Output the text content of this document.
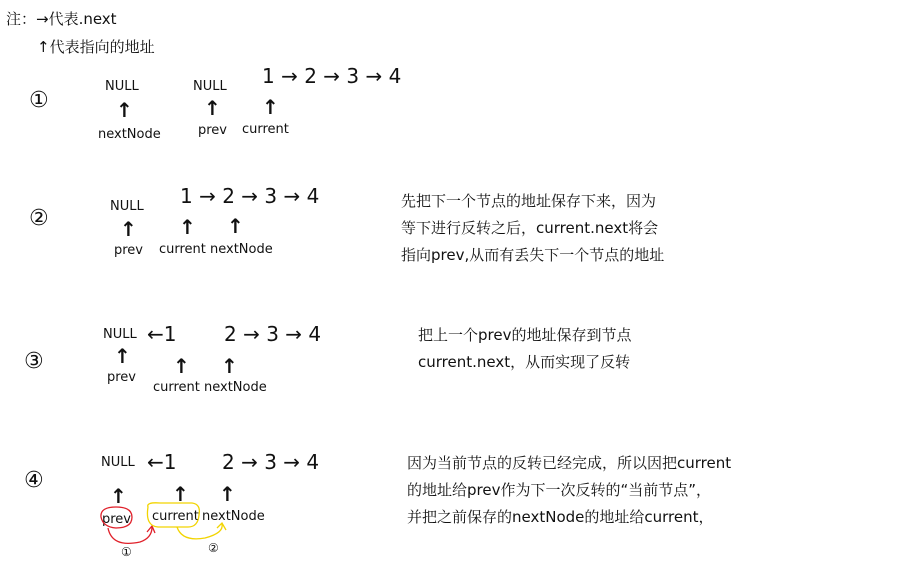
注：→代表.next
↑代表指向的地址
①
NULL	NULL 1 → 2 → 3 → 4
↑	↑ ↑
nextNode	prev current
②	NULL 1 → 2 → 3 → 4
↑ ↑ ↑
prev current nextNode
先把下一个节点的地址保存下来，因为
等下进行反转之后，current.next将会
指向prev,从而有丢失下一个节点的地址
③
NULL ←1 2 → 3 → 4
↑ ↑ ↑
prev
current nextNode
把上一个prev的地址保存到节点
current.next，从而实现了反转
④
NULL ←1 2 → 3 → 4
↑ ↑ ↑
prev current nextNode
①	②
因为当前节点的反转已经完成，所以因把current
的地址给prev作为下一次反转的“当前节点”，
并把之前保存的nextNode的地址给current，
